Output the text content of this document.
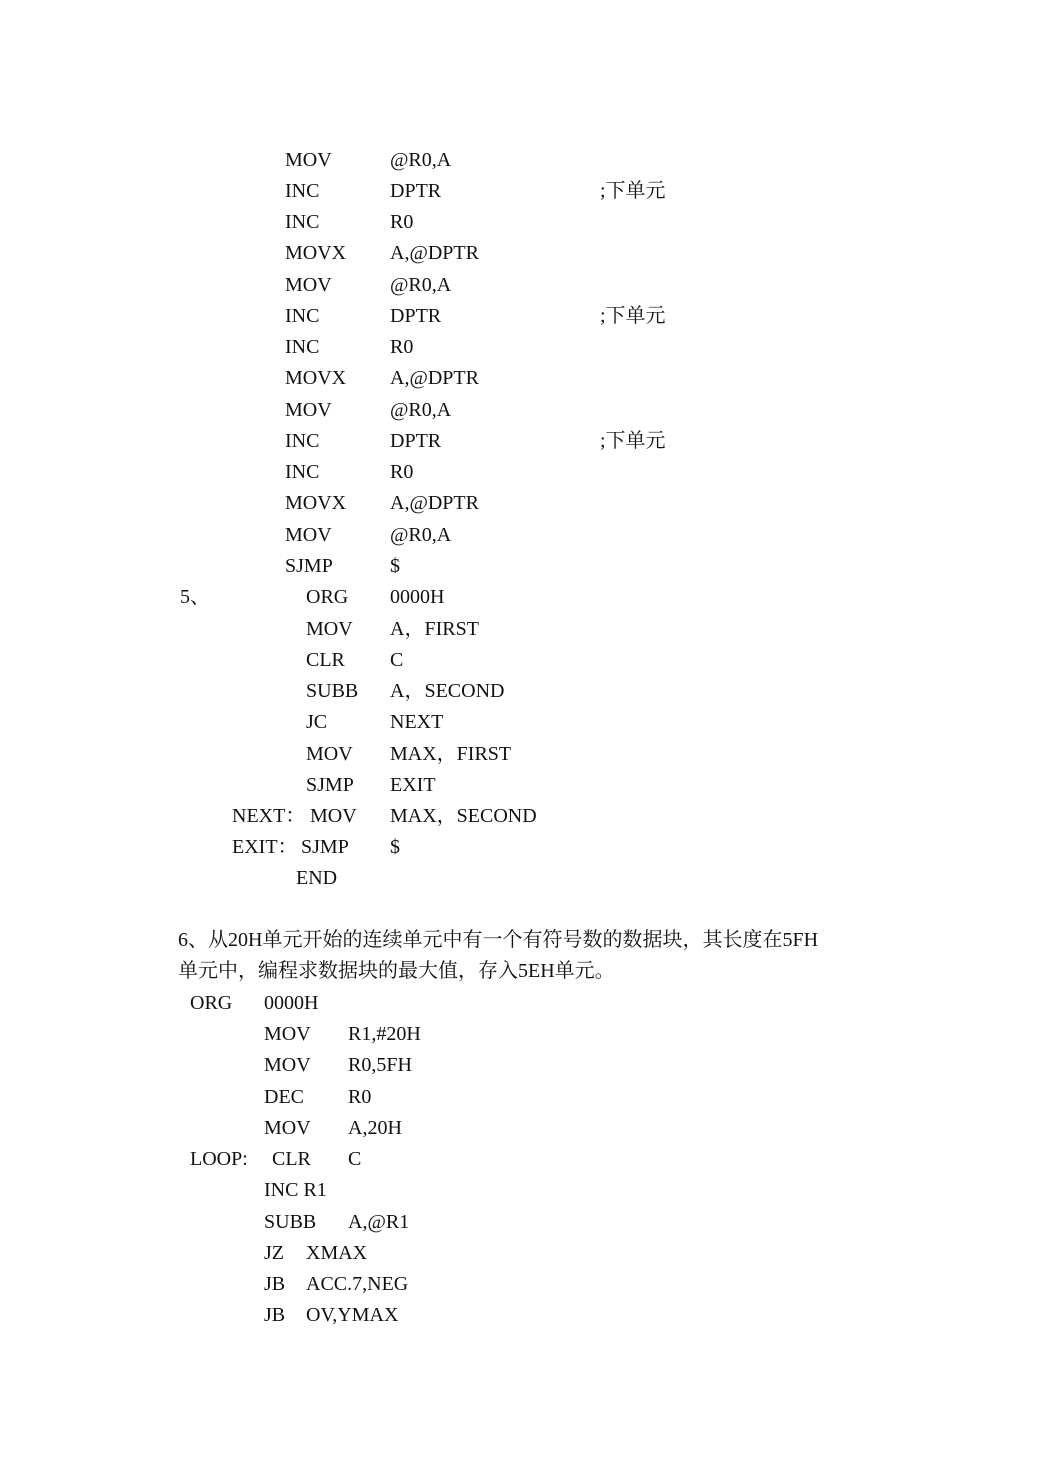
MOV	@R0,A
INC	DPTR	;下单元
INC	R0
MOVX A,@DPTR
MOV	@R0,A
INC	DPTR	;下单元
INC	R0
MOVX A,@DPTR
MOV	@R0,A
INC	DPTR	;下单元
INC	R0
MOVX A,@DPTR
MOV	@R0,A
SJMP	$
5、	ORG 0000H
MOV A，FIRST
CLR C
SUBB A，SECOND
JC	NEXT
MOV MAX，FIRST
SJMP EXIT
NEXT： MOV MAX，SECOND
EXIT： SJMP $
END
6、从20H单元开始的连续单元中有一个有符号数的数据块，其长度在5FH
单元中，编程求数据块的最大值，存入5EH单元。
ORG 0000H
MOV R1,#20H
MOV R0,5FH
DEC R0
MOV A,20H
LOOP: CLR C
INC R1
SUBB A,@R1
JZ XMAX
JB ACC.7,NEG
JB OV,YMAX
